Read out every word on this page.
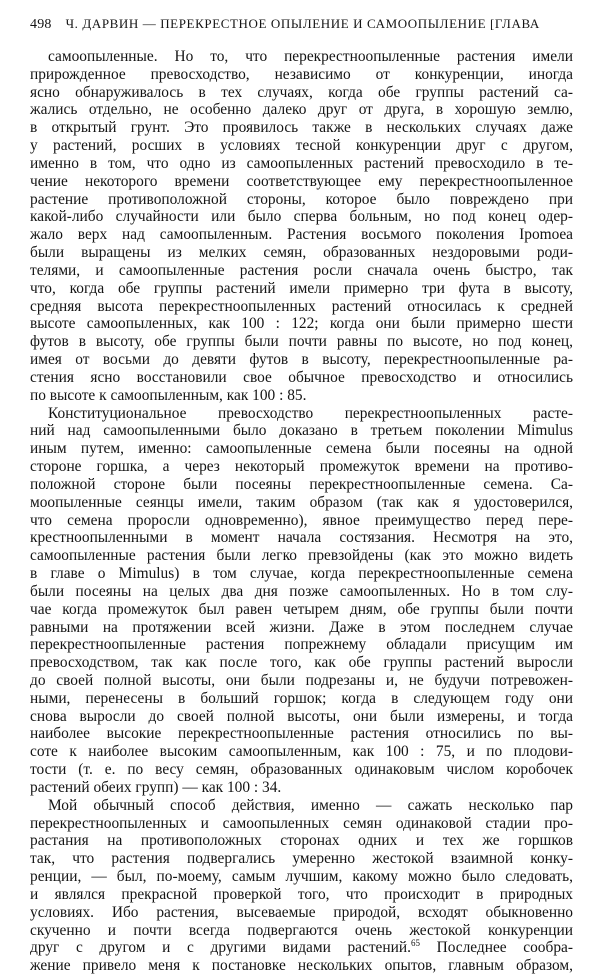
498 Ч. ДАРВИН — ПЕРЕКРЕСТНОЕ ОПЫЛЕНИЕ И САМООПЫЛЕНИЕ [ГЛАВА

самоопыленные. Но то, что перекрестноопыленные растения имели
прирожденное превосходство, независимо от конкуренции, иногда
ясно обнаруживалось в тех случаях, когда обе группы растений са-
жались отдельно, не особенно далеко друг от друга, в хорошую землю,
в открытый грунт. Это проявилось также в нескольких случаях даже
у растений, росших в условиях тесной конкуренции друг с другом,
именно в том, что одно из самоопыленных растений превосходило в те-
чение некоторого времени соответствующее ему перекрестноопыленное
растение противоположной стороны, которое было повреждено при
какой-либо случайности или было сперва больным, но под конец одер-
жало верх над самоопыленным. Растения восьмого поколения Ipomoea
были выращены из мелких семян, образованных нездоровыми роди-
телями, и самоопыленные растения росли сначала очень быстро, так
что, когда обе группы растений имели примерно три фута в высоту,
средняя высота перекрестноопыленных растений относилась к средней
высоте самоопыленных, как 100 : 122; когда они были примерно шести
футов в высоту, обе группы были почти равны по высоте, но под конец,
имея от восьми до девяти футов в высоту, перекрестноопыленные ра-
стения ясно восстановили свое обычное превосходство и относились
по высоте к самоопыленным, как 100 : 85.

Конституциональное превосходство перекрестноопыленных расте-
ний над самоопыленными было доказано в третьем поколении Mimulus
иным путем, именно: самоопыленные семена были посеяны на одной
стороне горшка, а через некоторый промежуток времени на противо-
положной стороне были посеяны перекрестноопыленные семена. Са-
моопыленные сеянцы имели, таким образом (так как я удостоверился,
что семена проросли одновременно), явное преимущество перед пере-
крестноопыленными в момент начала состязания. Несмотря на это,
самоопыленные растения были легко превзойдены (как это можно видеть
в главе о Mimulus) в том случае, когда перекрестноопыленные семена
были посеяны на целых два дня позже самоопыленных. Но в том слу-
чае когда промежуток был равен четырем дням, обе группы были почти
равными на протяжении всей жизни. Даже в этом последнем случае
перекрестноопыленные растения попрежнему обладали присущим им
превосходством, так как после того, как обе группы растений выросли
до своей полной высоты, они были подрезаны и, не будучи потревожен-
ными, перенесены в больший горшок; когда в следующем году они
снова выросли до своей полной высоты, они были измерены, и тогда
наиболее высокие перекрестноопыленные растения относились по вы-
соте к наиболее высоким самоопыленным, как 100 : 75, и по плодови-
тости (т. е. по весу семян, образованных одинаковым числом коробочек
растений обеих групп) — как 100 : 34.

Мой обычный способ действия, именно — сажать несколько пар
перекрестноопыленных и самоопыленных семян одинаковой стадии про-
растания на противоположных сторонах одних и тех же горшков
так, что растения подвергались умеренно жестокой взаимной конку-
ренции, — был, по-моему, самым лучшим, какому можно было следовать,
и являлся прекрасной проверкой того, что происходит в природных
условиях. Ибо растения, высеваемые природой, всходят обыкновенно
скученно и почти всегда подвергаются очень жестокой конкуренции
друг с другом и с другими видами растений.$^{65}$ Последнее сообра-
жение привело меня к постановке нескольких опытов, главным образом,
